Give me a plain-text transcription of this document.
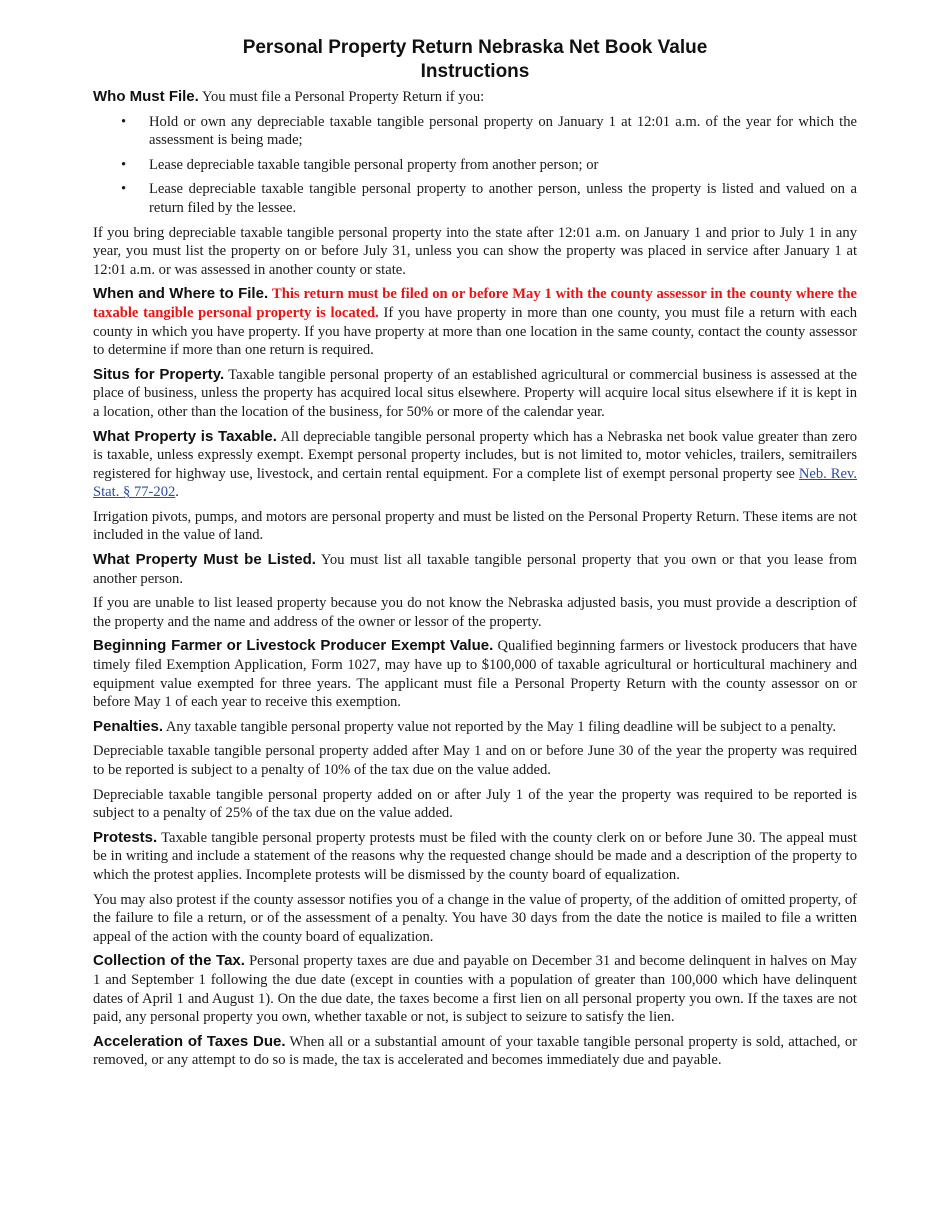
Personal Property Return Nebraska Net Book Value
Instructions

Who Must File. You must file a Personal Property Return if you:

• Hold or own any depreciable taxable tangible personal property on January 1 at 12:01 a.m. of the year for which the assessment is being made;
• Lease depreciable taxable tangible personal property from another person; or
• Lease depreciable taxable tangible personal property to another person, unless the property is listed and valued on a return filed by the lessee.

If you bring depreciable taxable tangible personal property into the state after 12:01 a.m. on January 1 and prior to July 1 in any year, you must list the property on or before July 31, unless you can show the property was placed in service after January 1 at 12:01 a.m. or was assessed in another county or state.

When and Where to File. This return must be filed on or before May 1 with the county assessor in the county where the taxable tangible personal property is located. If you have property in more than one county, you must file a return with each county in which you have property. If you have property at more than one location in the same county, contact the county assessor to determine if more than one return is required.

Situs for Property. Taxable tangible personal property of an established agricultural or commercial business is assessed at the place of business, unless the property has acquired local situs elsewhere. Property will acquire local situs elsewhere if it is kept in a location, other than the location of the business, for 50% or more of the calendar year.

What Property is Taxable. All depreciable tangible personal property which has a Nebraska net book value greater than zero is taxable, unless expressly exempt. Exempt personal property includes, but is not limited to, motor vehicles, trailers, semitrailers registered for highway use, livestock, and certain rental equipment. For a complete list of exempt personal property see Neb. Rev. Stat. § 77-202.

Irrigation pivots, pumps, and motors are personal property and must be listed on the Personal Property Return. These items are not included in the value of land.

What Property Must be Listed. You must list all taxable tangible personal property that you own or that you lease from another person.

If you are unable to list leased property because you do not know the Nebraska adjusted basis, you must provide a description of the property and the name and address of the owner or lessor of the property.

Beginning Farmer or Livestock Producer Exempt Value. Qualified beginning farmers or livestock producers that have timely filed Exemption Application, Form 1027, may have up to $100,000 of taxable agricultural or horticultural machinery and equipment value exempted for three years. The applicant must file a Personal Property Return with the county assessor on or before May 1 of each year to receive this exemption.

Penalties. Any taxable tangible personal property value not reported by the May 1 filing deadline will be subject to a penalty.

Depreciable taxable tangible personal property added after May 1 and on or before June 30 of the year the property was required to be reported is subject to a penalty of 10% of the tax due on the value added.

Depreciable taxable tangible personal property added on or after July 1 of the year the property was required to be reported is subject to a penalty of 25% of the tax due on the value added.

Protests. Taxable tangible personal property protests must be filed with the county clerk on or before June 30. The appeal must be in writing and include a statement of the reasons why the requested change should be made and a description of the property to which the protest applies. Incomplete protests will be dismissed by the county board of equalization.

You may also protest if the county assessor notifies you of a change in the value of property, of the addition of omitted property, of the failure to file a return, or of the assessment of a penalty. You have 30 days from the date the notice is mailed to file a written appeal of the action with the county board of equalization.

Collection of the Tax. Personal property taxes are due and payable on December 31 and become delinquent in halves on May 1 and September 1 following the due date (except in counties with a population of greater than 100,000 which have delinquent dates of April 1 and August 1). On the due date, the taxes become a first lien on all personal property you own. If the taxes are not paid, any personal property you own, whether taxable or not, is subject to seizure to satisfy the lien.

Acceleration of Taxes Due. When all or a substantial amount of your taxable tangible personal property is sold, attached, or removed, or any attempt to do so is made, the tax is accelerated and becomes immediately due and payable.
